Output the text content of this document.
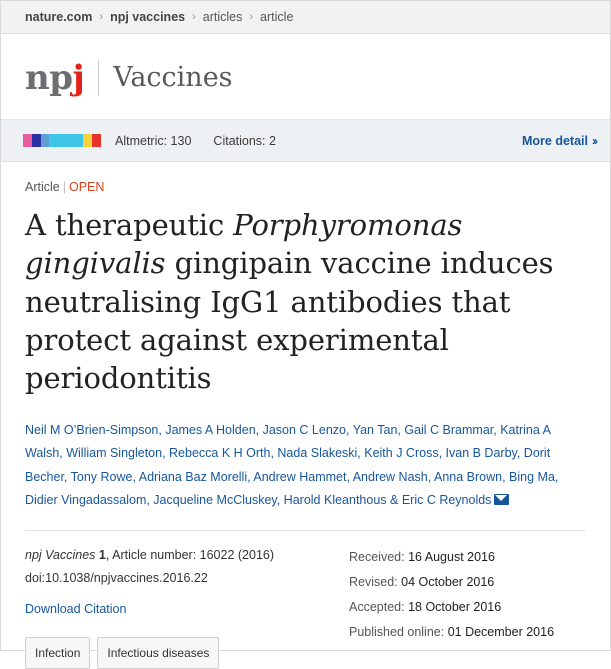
nature.com › npj vaccines › articles › article
npj Vaccines
Altmetric: 130 Citations: 2	More detail ››
Article | OPEN
A therapeutic Porphyromonas gingivalis gingipain vaccine induces neutralising IgG1 antibodies that protect against experimental periodontitis
Neil M O’Brien-Simpson, James A Holden, Jason C Lenzo, Yan Tan, Gail C Brammar, Katrina A Walsh, William Singleton, Rebecca K H Orth, Nada Slakeski, Keith J Cross, Ivan B Darby, Dorit Becher, Tony Rowe, Adriana Baz Morelli, Andrew Hammet, Andrew Nash, Anna Brown, Bing Ma, Didier Vingadassalom, Jacqueline McCluskey, Harold Kleanthous & Eric C Reynolds
npj Vaccines 1, Article number: 16022 (2016)
doi:10.1038/npjvaccines.2016.22
Download Citation
Infection	Infectious diseases
Received: 16 August 2016
Revised: 04 October 2016
Accepted: 18 October 2016
Published online: 01 December 2016
